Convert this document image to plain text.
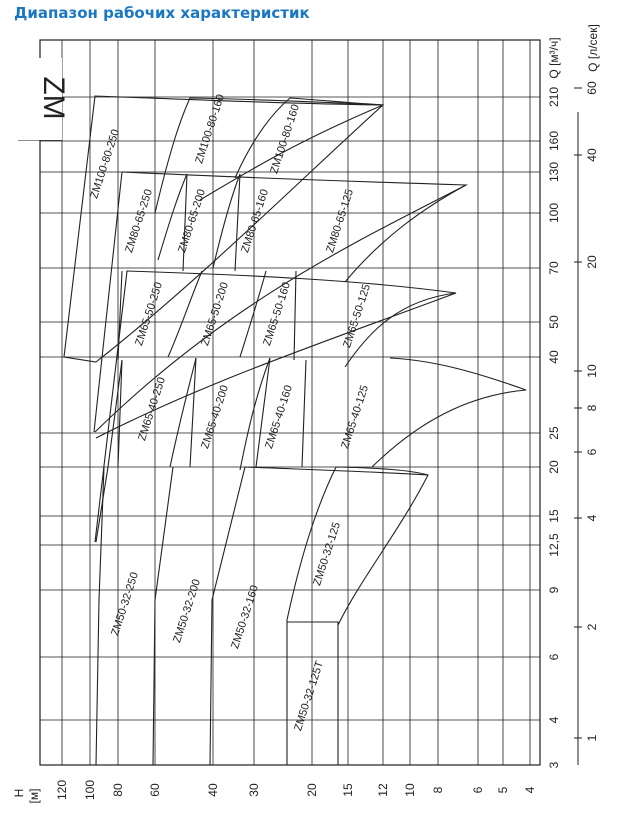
Диапазон рабочих характеристик
ZM100-80-250	ZM100-80-160	ZM100-80-160
ZM80-65-250 ZM80-65-200	ZM80-65-160	ZM80-65-125
ZM65-50-250	ZM65-50-200	ZM65-50-160	ZM65-50-125
ZM65-40-250	ZM65-40-200	ZM65-40-160	ZM65-40-125
ZM50-32-250	ZM50-32-200 ZM50-32-160
ZM50-32-125
ZM50-32-125T
120 100 80 60	40 30	20 15 12 10 8 6 5 4
H [м]
3
4
6
9
12,5
15
20
25
40
50
70
100
130
160
210
Q [м³/ч]
1
2
4
6
8
10
20
40
60
Q [л/сек]
ZM
